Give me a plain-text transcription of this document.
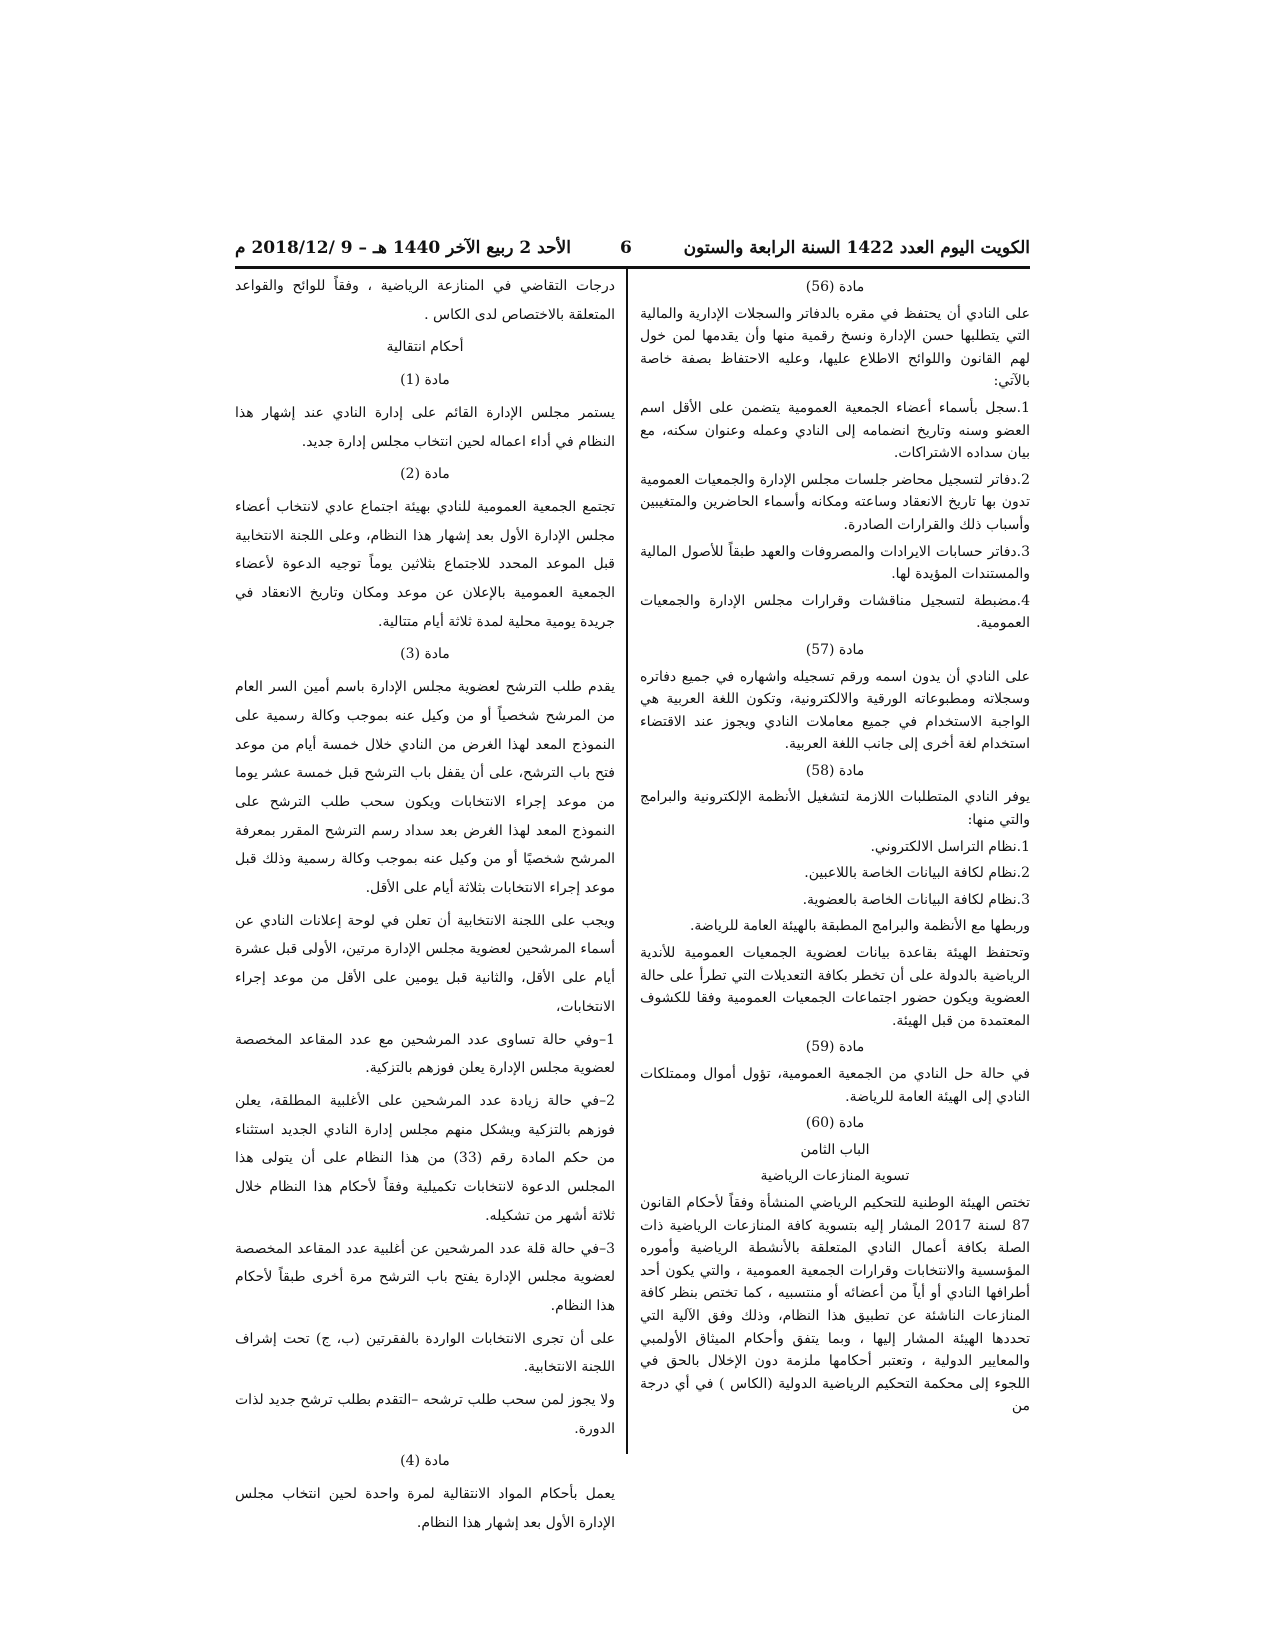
الكويت اليوم العدد 1422 السنة الرابعة والستون
6
الأحد 2 ربيع الآخر 1440 هـ – 9 /2018/12 م
مادة (56)

على النادي أن يحتفظ في مقره بالدفاتر والسجلات الإدارية والمالية التي يتطلبها حسن الإدارة ونسخ رقمية منها وأن يقدمها لمن خول لهم القانون واللوائح الاطلاع عليها، وعليه الاحتفاظ بصفة خاصة بالآتي:

1.سجل بأسماء أعضاء الجمعية العمومية يتضمن على الأقل اسم العضو وسنه وتاريخ انضمامه إلى النادي وعمله وعنوان سكنه، مع بيان سداده الاشتراكات.

2.دفاتر لتسجيل محاضر جلسات مجلس الإدارة والجمعيات العمومية تدون بها تاريخ الانعقاد وساعته ومكانه وأسماء الحاضرين والمتغيبين وأسباب ذلك والقرارات الصادرة.

3.دفاتر حسابات الايرادات والمصروفات والعهد طبقاً للأصول المالية والمستندات المؤيدة لها.

4.مضبطة لتسجيل مناقشات وقرارات مجلس الإدارة والجمعيات العمومية.

مادة (57)

على النادي أن يدون اسمه ورقم تسجيله واشهاره في جميع دفاتره وسجلاته ومطبوعاته الورقية والالكترونية، وتكون اللغة العربية هي الواجبة الاستخدام في جميع معاملات النادي ويجوز عند الاقتضاء استخدام لغة أخرى إلى جانب اللغة العربية.

مادة (58)

يوفر النادي المتطلبات اللازمة لتشغيل الأنظمة الإلكترونية والبرامج والتي منها:

1.نظام التراسل الالكتروني.

2.نظام لكافة البيانات الخاصة باللاعبين.

3.نظام لكافة البيانات الخاصة بالعضوية.

وربطها مع الأنظمة والبرامج المطبقة بالهيئة العامة للرياضة.

وتحتفظ الهيئة بقاعدة بيانات لعضوية الجمعيات العمومية للأندية الرياضية بالدولة على أن تخطر بكافة التعديلات التي تطرأ على حالة العضوية ويكون حضور اجتماعات الجمعيات العمومية وفقا للكشوف المعتمدة من قبل الهيئة.

مادة (59)

في حالة حل النادي من الجمعية العمومية، تؤول أموال وممتلكات النادي إلى الهيئة العامة للرياضة.

مادة (60)
الباب الثامن
تسوية المنازعات الرياضية

تختص الهيئة الوطنية للتحكيم الرياضي المنشأة وفقاً لأحكام القانون 87 لسنة 2017 المشار إليه بتسوية كافة المنازعات الرياضية ذات الصلة بكافة أعمال النادي المتعلقة بالأنشطة الرياضية وأموره المؤسسية والانتخابات وقرارات الجمعية العمومية ، والتي يكون أحد أطرافها النادي أو أياً من أعضائه أو منتسبيه ، كما تختص بنظر كافة المنازعات الناشئة عن تطبيق هذا النظام، وذلك وفق الآلية التي تحددها الهيئة المشار إليها ، وبما يتفق وأحكام الميثاق الأولمبي والمعايير الدولية ، وتعتبر أحكامها ملزمة دون الإخلال بالحق في اللجوء إلى محكمة التحكيم الرياضية الدولية (الكاس ) في أي درجة من

درجات التقاضي في المنازعة الرياضية ، وفقاً للوائح والقواعد المتعلقة بالاختصاص لدى الكاس .

أحكام انتقالية
مادة (1)

يستمر مجلس الإدارة القائم على إدارة النادي عند إشهار هذا النظام في أداء اعماله لحين انتخاب مجلس إدارة جديد.

مادة (2)

تجتمع الجمعية العمومية للنادي بهيئة اجتماع عادي لانتخاب أعضاء مجلس الإدارة الأول بعد إشهار هذا النظام، وعلى اللجنة الانتخابية قبل الموعد المحدد للاجتماع بثلاثين يوماً توجيه الدعوة لأعضاء الجمعية العمومية بالإعلان عن موعد ومكان وتاريخ الانعقاد في جريدة يومية محلية لمدة ثلاثة أيام متتالية.

مادة (3)

يقدم طلب الترشح لعضوية مجلس الإدارة باسم أمين السر العام من المرشح شخصياً أو من وكيل عنه بموجب وكالة رسمية على النموذج المعد لهذا الغرض من النادي خلال خمسة أيام من موعد فتح باب الترشح، على أن يقفل باب الترشح قبل خمسة عشر يوما من موعد إجراء الانتخابات ويكون سحب طلب الترشح على النموذج المعد لهذا الغرض بعد سداد رسم الترشح المقرر بمعرفة المرشح شخصيًا أو من وكيل عنه بموجب وكالة رسمية وذلك قبل موعد إجراء الانتخابات بثلاثة أيام على الأقل.

ويجب على اللجنة الانتخابية أن تعلن في لوحة إعلانات النادي عن أسماء المرشحين لعضوية مجلس الإدارة مرتين، الأولى قبل عشرة أيام على الأقل، والثانية قبل يومين على الأقل من موعد إجراء الانتخابات،

1–وفي حالة تساوى عدد المرشحين مع عدد المقاعد المخصصة لعضوية مجلس الإدارة يعلن فوزهم بالتزكية.

2–في حالة زيادة عدد المرشحين على الأغلبية المطلقة، يعلن فوزهم بالتزكية ويشكل منهم مجلس إدارة النادي الجديد استثناء من حكم المادة رقم (33) من هذا النظام على أن يتولى هذا المجلس الدعوة لانتخابات تكميلية وفقاً لأحكام هذا النظام خلال ثلاثة أشهر من تشكيله.

3–في حالة قلة عدد المرشحين عن أغلبية عدد المقاعد المخصصة لعضوية مجلس الإدارة يفتح باب الترشح مرة أخرى طبقاً لأحكام هذا النظام.

على أن تجرى الانتخابات الواردة بالفقرتين (ب، ج) تحت إشراف اللجنة الانتخابية.

ولا يجوز لمن سحب طلب ترشحه –التقدم بطلب ترشح جديد لذات الدورة.

مادة (4)

يعمل بأحكام المواد الانتقالية لمرة واحدة لحين انتخاب مجلس الإدارة الأول بعد إشهار هذا النظام.
